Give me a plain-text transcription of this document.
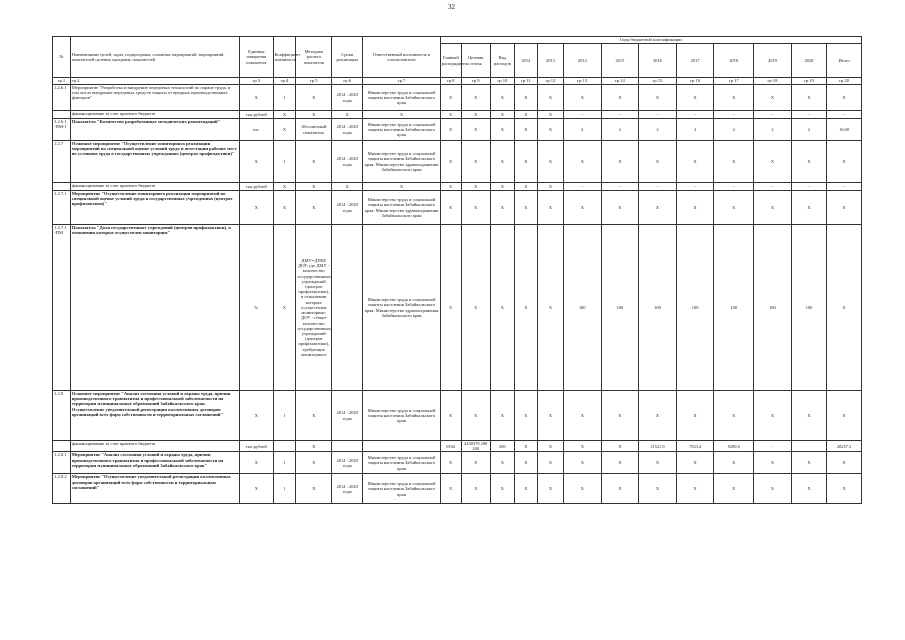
32
№	Наименование целей, задач, подпрограмм, основных мероприятий, мероприятий, показателей целевых программ, показателей	Единица измерения показателя	Коэффициент значимости	Методика расчета показателя	Сроки реализации	Ответственный исполнитель и соисполнители	Годы бюджетной классификации												
							Главный распорядитель	Целевая статья	Вид расходов	2012	2013	2014	2015	2016	2017	2018	2019	2020	Итого
гр.1	гр.2	гр.3	гр.4	гр.5	гр.6	гр.7	гр.8	гр.9	гр.10	гр.11	гр.12	гр.13	гр.14	гр.15	гр.16	гр.17	гр.18	гр.19	гр.20
1.2.6.1	Мероприятие "Разработка и внедрение передовых технологий по охране труда, в том числе внедрение передовых средств защиты от вредных производственных факторов"	Х	1	Х	2014 - 2020 годы	Министерство труда и социальной защиты населения Забайкальского края	Х	Х	Х	Х	Х	Х	Х	Х	Х	Х	Х	Х	Х
	финансирование за счет краевого бюджета	тыс.рублей	Х	Х	Х	Х	Х	Х	Х	Х	Х	-	-	-	-	-	-	-	-
1.2.6.1 -ПМ-1	Показатель "Количество разработанных методических рекомендаций"	шт.	Х	Абсолютный показатель	2014 - 2020 годы	Министерство труда и социальной защиты населения Забайкальского края	Х	Х	Х	Х	Х	2	2	2	2	2	2	2	16,00
1.2.7	Основное мероприятие "Осуществление мониторинга реализации мероприятий по специальной оценке условий труда и аттестации рабочих мест по условиям труда в государственных учреждениях (центрах профилактики)"	Х	1	Х	2014 - 2020 годы	Министерство труда и социальной защиты населения Забайкальского края, Министерство здравоохранения Забайкальского края	Х	Х	Х	Х	Х	Х	Х	Х	Х	Х	Х	Х	Х
	финансирование за счет краевого бюджета	тыс.рублей	Х	Х	Х	Х	Х	Х	Х	Х	Х	-	-	-	-	-	-	-	-
1.2.7.1	Мероприятие "Осуществление мониторинга реализации мероприятий по специальной оценке условий труда в государственных учреждениях (центрах профилактики)"	Х	Х	Х	2014 - 2020 годы	Министерство труда и социальной защиты населения Забайкальского края, Министерство здравоохранения Забайкальского края	Х	Х	Х	Х	Х	Х	Х	Х	Х	Х	Х	Х	Х
1.2.7.1 -ПМ	Показатель "Доля государственных учреждений (центров профилактики), в отношении которых осуществлен мониторинг"	%	Х	ДМУ=ДПМ/ДОУ, где ДМУ - количество государственных учреждений (центров профилактики), в отношении которых осуществлен мониторинг; ДОУ - общее количество государственных учреждений (центров профилактики), требующих мониторинга		Министерство труда и социальной защиты населения Забайкальского края, Министерство здравоохранения Забайкальского края	Х	Х	Х	Х	Х	100	100	100	100	100	100	100	Х
1.2.8	Основное мероприятие "Анализ состояния условий и охраны труда, причин производственного травматизма и профессиональной заболеваемости на территории муниципальных образований Забайкальского края. Осуществление уведомительной регистрации коллективных договоров организаций всех форм собственности и территориальных соглашений"	Х	1	Х	2014 - 2020 годы	Министерство труда и социальной защиты населения Забайкальского края	Х	Х	Х	Х	Х	Х	Х	Х	Х	Х	Х	Х	Х
	финансирование за счет краевого бюджета	тыс.рублей		Х			0104	4430378 200 200	200	Х	Х	Х	Х	11521,9	7523,4	9200,0	-		28257,3
1.2.8.1	Мероприятие "Анализ состояния условий и охраны труда, причин производственного травматизма и профессиональной заболеваемости на территории муниципальных образований Забайкальского края"	Х	1	Х	2014 - 2020 годы	Министерство труда и социальной защиты населения Забайкальского края	Х	Х	Х	Х	Х	Х	Х	Х	Х	Х	Х	Х	Х
1.2.8.2	Мероприятие "Осуществление уведомительной регистрации коллективных договоров организаций всех форм собственности и территориальных соглашений"	Х	1	Х	2014 - 2020 годы	Министерство труда и социальной защиты населения Забайкальского края	Х	Х	Х	Х	Х	Х	Х	Х	Х	Х	Х	Х	Х
